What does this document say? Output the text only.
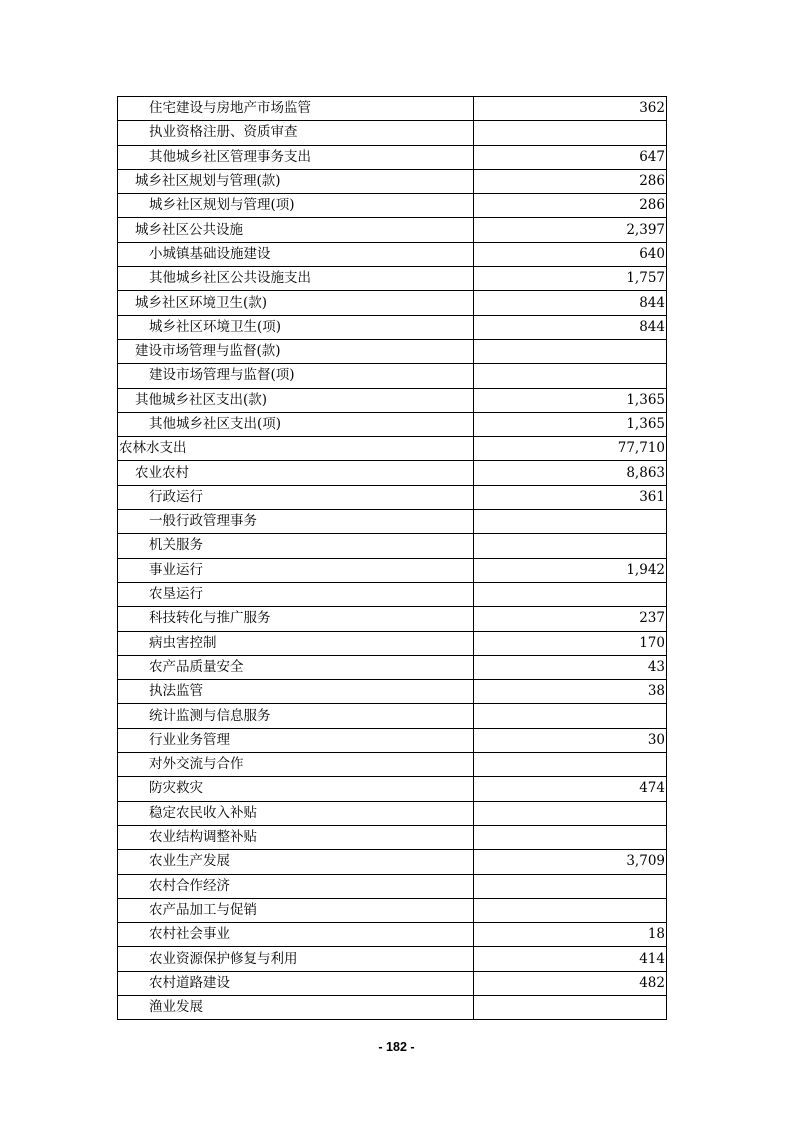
住宅建设与房地产市场监管	362
执业资格注册、资质审查	
其他城乡社区管理事务支出	647
城乡社区规划与管理(款)	286
城乡社区规划与管理(项)	286
城乡社区公共设施	2,397
小城镇基础设施建设	640
其他城乡社区公共设施支出	1,757
城乡社区环境卫生(款)	844
城乡社区环境卫生(项)	844
建设市场管理与监督(款)	
建设市场管理与监督(项)	
其他城乡社区支出(款)	1,365
其他城乡社区支出(项)	1,365
农林水支出	77,710
农业农村	8,863
行政运行	361
一般行政管理事务	
机关服务	
事业运行	1,942
农垦运行	
科技转化与推广服务	237
病虫害控制	170
农产品质量安全	43
执法监管	38
统计监测与信息服务	
行业业务管理	30
对外交流与合作	
防灾救灾	474
稳定农民收入补贴	
农业结构调整补贴	
农业生产发展	3,709
农村合作经济	
农产品加工与促销	
农村社会事业	18
农业资源保护修复与利用	414
农村道路建设	482
渔业发展	
- 182 -
